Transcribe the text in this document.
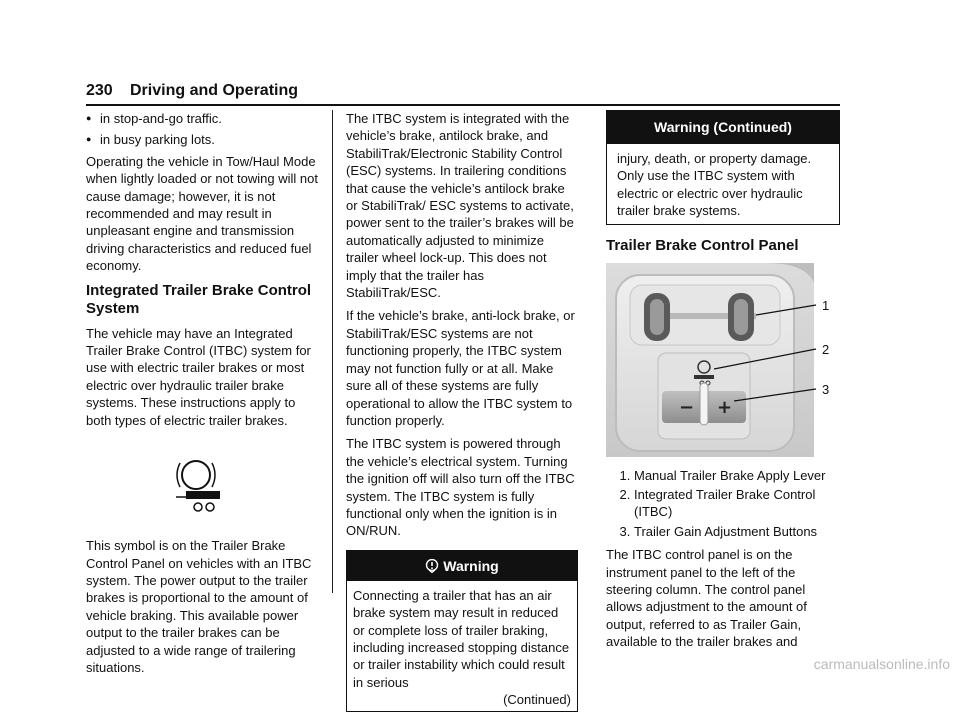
230 Driving and Operating
● in stop-and-go traffic.
● in busy parking lots.

Operating the vehicle in Tow/Haul Mode when lightly loaded or not towing will not cause damage; however, it is not recommended and may result in unpleasant engine and transmission driving characteristics and reduced fuel economy.

Integrated Trailer Brake Control System

The vehicle may have an Integrated Trailer Brake Control (ITBC) system for use with electric trailer brakes or most electric over hydraulic trailer brake systems. These instructions apply to both types of electric trailer brakes.

This symbol is on the Trailer Brake Control Panel on vehicles with an ITBC system. The power output to the trailer brakes is proportional to the amount of vehicle braking. This available power output to the trailer brakes can be adjusted to a wide range of trailering situations.

The ITBC system is integrated with the vehicle’s brake, antilock brake, and StabiliTrak/Electronic Stability Control (ESC) systems. In trailering conditions that cause the vehicle’s antilock brake or StabiliTrak/ ESC systems to activate, power sent to the trailer’s brakes will be automatically adjusted to minimize trailer wheel lock-up. This does not imply that the trailer has StabiliTrak/ESC.

If the vehicle’s brake, anti-lock brake, or StabiliTrak/ESC systems are not functioning properly, the ITBC system may not function fully or at all. Make sure all of these systems are fully operational to allow the ITBC system to function properly.

The ITBC system is powered through the vehicle’s electrical system. Turning the ignition off will also turn off the ITBC system. The ITBC system is fully functional only when the ignition is in ON/RUN.

Warning
Connecting a trailer that has an air brake system may result in reduced or complete loss of trailer braking, including increased stopping distance or trailer instability which could result in serious
(Continued)
Warning (Continued)
injury, death, or property damage. Only use the ITBC system with electric or electric over hydraulic trailer brake systems.
Trailer Brake Control Panel
− +
1
2
3
1. Manual Trailer Brake Apply Lever
2. Integrated Trailer Brake Control (ITBC)
3. Trailer Gain Adjustment Buttons

The ITBC control panel is on the instrument panel to the left of the steering column. The control panel allows adjustment to the amount of output, referred to as Trailer Gain, available to the trailer brakes and

carmanualsonline.info
